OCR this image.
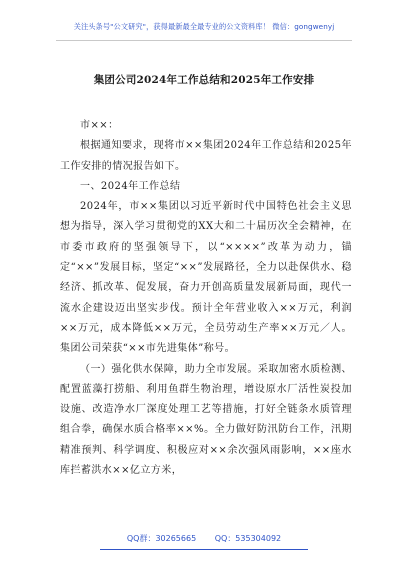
关注头条号"公文研究"，获得最新最全最专业的公文资料库！ 微信：gongwenyj
集团公司2024年工作总结和2025年工作安排

市××：

根据通知要求，现将市××集团2024年工作总结和2025年工作安排的情况报告如下。

一、2024年工作总结

2024年，市××集团以习近平新时代中国特色社会主义思想为指导，深入学习贯彻党的XX大和二十届历次全会精神，在市委市政府的坚强领导下，以“××××”改革为动力，锚定“××”发展目标，坚定“××”发展路径，全力以赴保供水、稳经济、抓改革、促发展，奋力开创高质量发展新局面，现代一流水企建设迈出坚实步伐。预计全年营业收入××万元，利润××万元，成本降低××万元，全员劳动生产率××万元／人。集团公司荣获“××市先进集体”称号。

（一）强化供水保障，助力全市发展。采取加密水质检测、配置蓝藻打捞船、利用鱼群生物治理，增设原水厂活性炭投加设施、改造净水厂深度处理工艺等措施，打好全链条水质管理组合拳，确保水质合格率××%。全力做好防汛防台工作，汛期精准预判、科学调度、积极应对××余次强风雨影响，××座水库拦蓄洪水××亿立方米，

QQ群：30265665 QQ：535304092
